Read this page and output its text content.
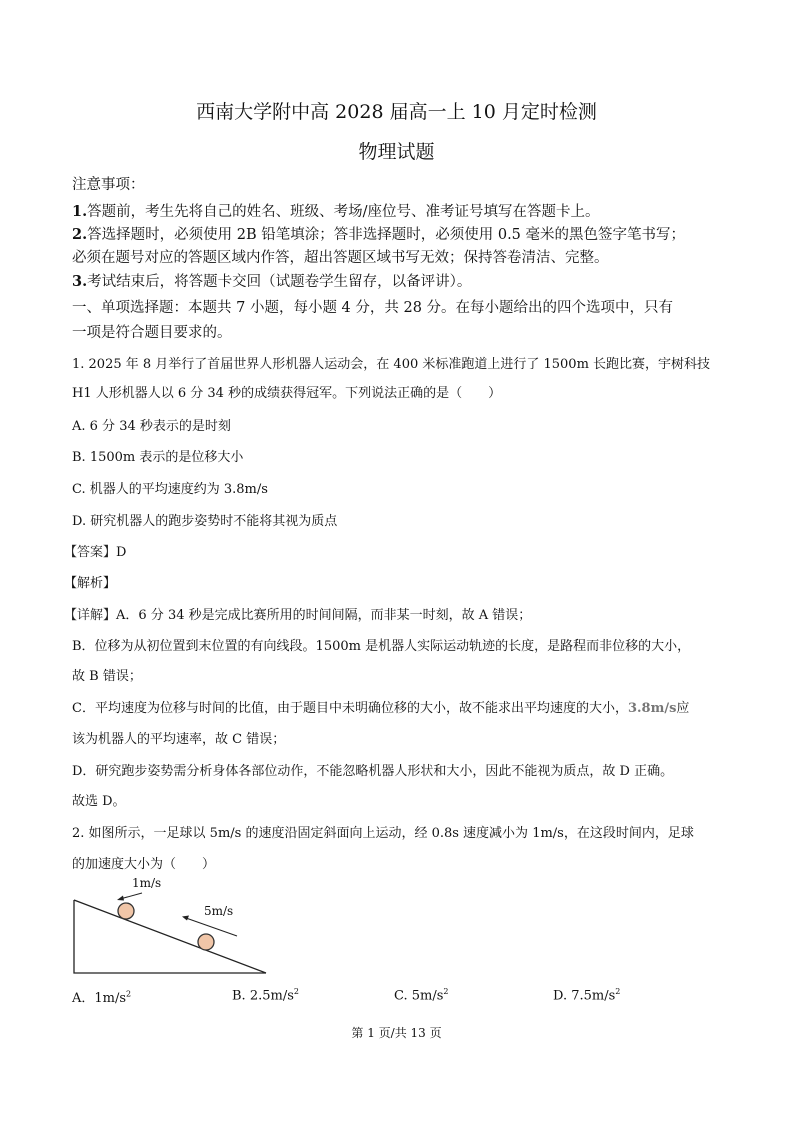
西南大学附中高 2028 届高一上 10 月定时检测
物理试题
注意事项：
1.答题前，考生先将自己的姓名、班级、考场/座位号、准考证号填写在答题卡上。
2.答选择题时，必须使用 2B 铅笔填涂；答非选择题时，必须使用 0.5 毫米的黑色签字笔书写；
必须在题号对应的答题区域内作答，超出答题区域书写无效；保持答卷清洁、完整。
3.考试结束后，将答题卡交回（试题卷学生留存，以备评讲）。
一、单项选择题：本题共 7 小题，每小题 4 分，共 28 分。在每小题给出的四个选项中，只有
一项是符合题目要求的。
1. 2025 年 8 月举行了首届世界人形机器人运动会，在 400 米标准跑道上进行了 1500m 长跑比赛，宇树科技
H1 人形机器人以 6 分 34 秒的成绩获得冠军。下列说法正确的是（　　）
A. 6 分 34 秒表示的是时刻
B. 1500m 表示的是位移大小
C. 机器人的平均速度约为 3.8m/s
D. 研究机器人的跑步姿势时不能将其视为质点
【答案】D
【解析】
【详解】A．6 分 34 秒是完成比赛所用的时间间隔，而非某一时刻，故 A 错误；
B．位移为从初位置到末位置的有向线段。1500m 是机器人实际运动轨迹的长度，是路程而非位移的大小，
故 B 错误；
C．平均速度为位移与时间的比值，由于题目中未明确位移的大小，故不能求出平均速度的大小，3.8m/s应
该为机器人的平均速率，故 C 错误；
D．研究跑步姿势需分析身体各部位动作，不能忽略机器人形状和大小，因此不能视为质点，故 D 正确。
故选 D。
2. 如图所示，一足球以 5m/s 的速度沿固定斜面向上运动，经 0.8s 速度减小为 1m/s，在这段时间内，足球
的加速度大小为（　　）
1m/s
5m/s
A．$1m/s^2$	B. $2.5m/s^2$	C. $5m/s^2$	D. $7.5m/s^2$
第 1 页/共 13 页
